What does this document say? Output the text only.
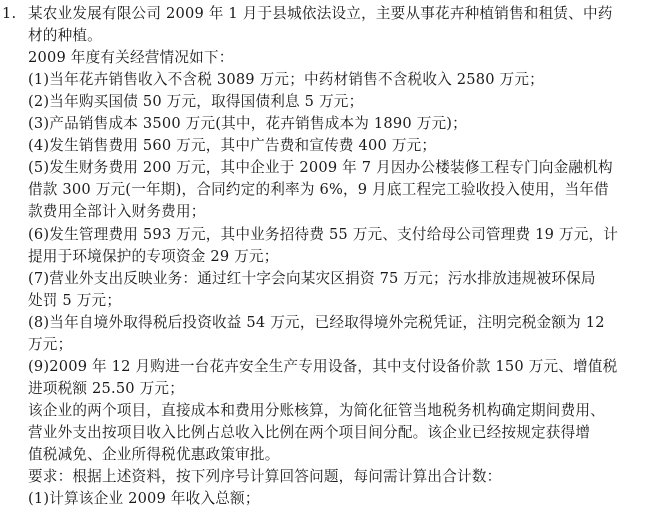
1. 某农业发展有限公司 2009 年 1 月于县城依法设立，主要从事花卉种植销售和租赁、中药
材的种植。
2009 年度有关经营情况如下：
(1)当年花卉销售收入不含税 3089 万元；中药材销售不含税收入 2580 万元；
(2)当年购买国债 50 万元，取得国债利息 5 万元；
(3)产品销售成本 3500 万元(其中，花卉销售成本为 1890 万元)；
(4)发生销售费用 560 万元，其中广告费和宣传费 400 万元；
(5)发生财务费用 200 万元，其中企业于 2009 年 7 月因办公楼装修工程专门向金融机构
借款 300 万元(一年期)，合同约定的利率为 6%，9 月底工程完工验收投入使用，当年借
款费用全部计入财务费用；
(6)发生管理费用 593 万元，其中业务招待费 55 万元、支付给母公司管理费 19 万元，计
提用于环境保护的专项资金 29 万元；
(7)营业外支出反映业务：通过红十字会向某灾区捐资 75 万元；污水排放违规被环保局
处罚 5 万元；
(8)当年自境外取得税后投资收益 54 万元，已经取得境外完税凭证，注明完税金额为 12
万元；
(9)2009 年 12 月购进一台花卉安全生产专用设备，其中支付设备价款 150 万元、增值税
进项税额 25.50 万元；
该企业的两个项目，直接成本和费用分账核算，为简化征管当地税务机构确定期间费用、
营业外支出按项目收入比例占总收入比例在两个项目间分配。该企业已经按规定获得增
值税减免、企业所得税优惠政策审批。
要求：根据上述资料，按下列序号计算回答问题，每问需计算出合计数：
(1)计算该企业 2009 年收入总额；
